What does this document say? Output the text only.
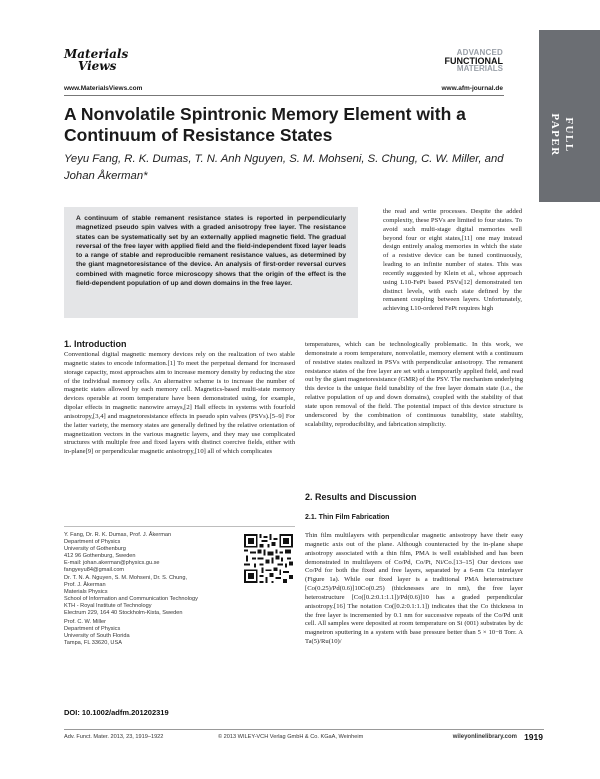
Materials
Views
www.MaterialsViews.com
ADVANCED
FUNCTIONAL
MATERIALS
www.afm-journal.de
FULL PAPER
A Nonvolatile Spintronic Memory Element with a Continuum of Resistance States

Yeyu Fang, R. K. Dumas, T. N. Anh Nguyen, S. M. Mohseni, S. Chung, C. W. Miller, and Johan Åkerman*

A continuum of stable remanent resistance states is reported in perpendicularly magnetized pseudo spin valves with a graded anisotropy free layer. The resistance states can be systematically set by an externally applied magnetic field. The gradual reversal of the free layer with applied field and the field-independent fixed layer leads to a range of stable and reproducible remanent resistance values, as determined by the giant magnetoresistance of the device. An analysis of first-order reversal curves combined with magnetic force microscopy shows that the origin of the effect is the field-dependent population of up and down domains in the free layer.

the read and write processes. Despite the added complexity, these PSVs are limited to four states. To avoid such multi-stage digital memories well beyond four or eight states,[11] one may instead design entirely analog memories in which the state of a resistive device can be tuned continuously, leading to an infinite number of states. This was recently suggested by Klein et al., whose approach using L10-FePt based PSVs[12] demonstrated ten distinct levels, with each state defined by the remanent coupling between layers. Unfortunately, achieving L10-ordered FePt requires high

temperatures, which can be technologically problematic. In this work, we demonstrate a room temperature, nonvolatile, memory element with a continuum of resistive states realized in PSVs with perpendicular anisotropy. The remanent resistance states of the free layer are set with a temporarily applied field, and read out by the giant magnetoresistance (GMR) of the PSV. The mechanism underlying this device is the unique field tunability of the free layer domain state (i.e., the relative population of up and down domains), coupled with the stability of that state upon removal of the field. The potential impact of this device structure is underscored by the combination of continuous tunability, state stability, scalability, reproducibility, and fabrication simplicity.

1. Introduction

Conventional digital magnetic memory devices rely on the realization of two stable magnetic states to encode information.[1] To meet the perpetual demand for increased storage capacity, most approaches aim to increase memory density by reducing the size of the individual memory cells. An alternative scheme is to increase the number of magnetic states allowed by each memory cell. Magnetics-based multi-state memory devices operable at room temperature have been demonstrated using, for example, dipolar effects in magnetic nanowire arrays,[2] Hall effects in systems with fourfold anisotropy,[3,4] and magnetoresistance effects in pseudo spin valves (PSVs).[5–9] For the latter variety, the memory states are generally defined by the relative orientation of magnetization vectors in the various magnetic layers, and they may use complicated structures with multiple free and fixed layers with distinct coercive fields, either with in-plane[9] or perpendicular magnetic anisotropy,[10] all of which complicates

2. Results and Discussion
2.1. Thin Film Fabrication

Thin film multilayers with perpendicular magnetic anisotropy have their easy magnetic axis out of the plane. Although counteracted by the in-plane shape anisotropy associated with a thin film, PMA is well established and has been demonstrated in multilayers of Co/Pd, Co/Pt, Ni/Co.[13–15] Our devices use Co/Pd for both the fixed and free layers, separated by a 6-nm Cu interlayer (Figure 1a). While our fixed layer is a traditional PMA heterostructure [Co(0.25)/Pd(0.6)]10Co(0.25) (thicknesses are in nm), the free layer heterostructure [Co([0.2:0.1:1.1])/Pd(0.6)]10 has a graded perpendicular anisotropy.[16] The notation Co([0.2:0.1:1.1]) indicates that the Co thickness in the free layer is incremented by 0.1 nm for successive repeats of the Co/Pd unit cell. All samples were deposited at room temperature on Si (001) substrates by dc magnetron sputtering in a system with base pressure better than 5 × 10−8 Torr. A Ta(5)/Ru(10)/

Y. Fang, Dr. R. K. Dumas, Prof. J. Åkerman
Department of Physics
University of Gothenburg
412 96 Gothenburg, Sweden
E-mail: johan.akerman@physics.gu.se
fangyeyu84@gmail.com
Dr. T. N. A. Nguyen, S. M. Mohseni, Dr. S. Chung,
Prof. J. Åkerman
Materials Physics
School of Information and Communication Technology
KTH - Royal Institute of Technology
Electrum 229, 164 40 Stockholm-Kista, Sweden
Prof. C. W. Miller
Department of Physics
University of South Florida
Tampa, FL 33620, USA
DOI: 10.1002/adfm.201202319
Adv. Funct. Mater. 2013, 23, 1919–1922	© 2013 WILEY-VCH Verlag GmbH & Co. KGaA, Weinheim	wileyonlinelibrary.com 1919
